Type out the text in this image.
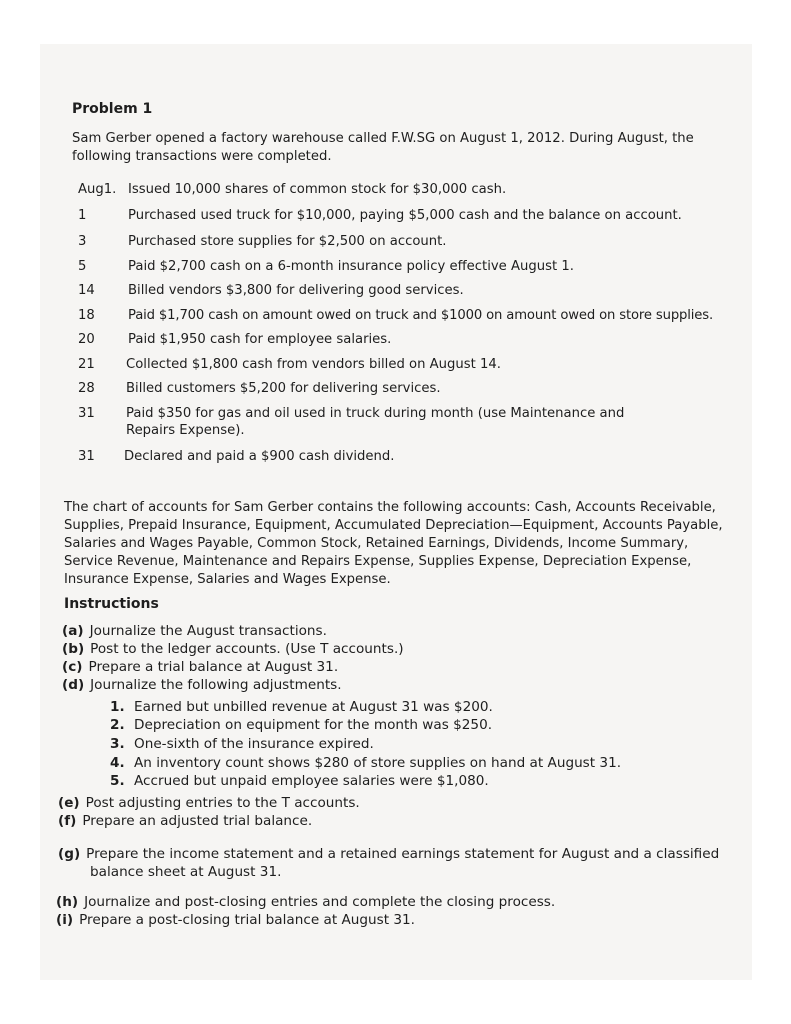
Problem 1
Sam Gerber opened a factory warehouse called F.W.SG on August 1, 2012. During August, the
following transactions were completed.
Aug1. Issued 10,000 shares of common stock for $30,000 cash.
1	Purchased used truck for $10,000, paying $5,000 cash and the balance on account.
3	Purchased store supplies for $2,500 on account.
5	Paid $2,700 cash on a 6-month insurance policy effective August 1.
14	Billed vendors $3,800 for delivering good services.
18	Paid $1,700 cash on amount owed on truck and $1000 on amount owed on store supplies.
20	Paid $1,950 cash for employee salaries.
21 Collected $1,800 cash from vendors billed on August 14.
28 Billed customers $5,200 for delivering services.
31 Paid $350 for gas and oil used in truck during month (use Maintenance and Repairs Expense).
31 Declared and paid a $900 cash dividend.
The chart of accounts for Sam Gerber contains the following accounts: Cash, Accounts Receivable,
Supplies, Prepaid Insurance, Equipment, Accumulated Depreciation—Equipment, Accounts Payable,
Salaries and Wages Payable, Common Stock, Retained Earnings, Dividends, Income Summary,
Service Revenue, Maintenance and Repairs Expense, Supplies Expense, Depreciation Expense,
Insurance Expense, Salaries and Wages Expense.
Instructions
(a) Journalize the August transactions.
(b) Post to the ledger accounts. (Use T accounts.)
(c) Prepare a trial balance at August 31.
(d) Journalize the following adjustments.
1. Earned but unbilled revenue at August 31 was $200.
2. Depreciation on equipment for the month was $250.
3. One-sixth of the insurance expired.
4. An inventory count shows $280 of store supplies on hand at August 31.
5. Accrued but unpaid employee salaries were $1,080.
(e) Post adjusting entries to the T accounts.
(f) Prepare an adjusted trial balance.
(g) Prepare the income statement and a retained earnings statement for August and a classified
balance sheet at August 31.
(h) Journalize and post-closing entries and complete the closing process.
(i) Prepare a post-closing trial balance at August 31.
